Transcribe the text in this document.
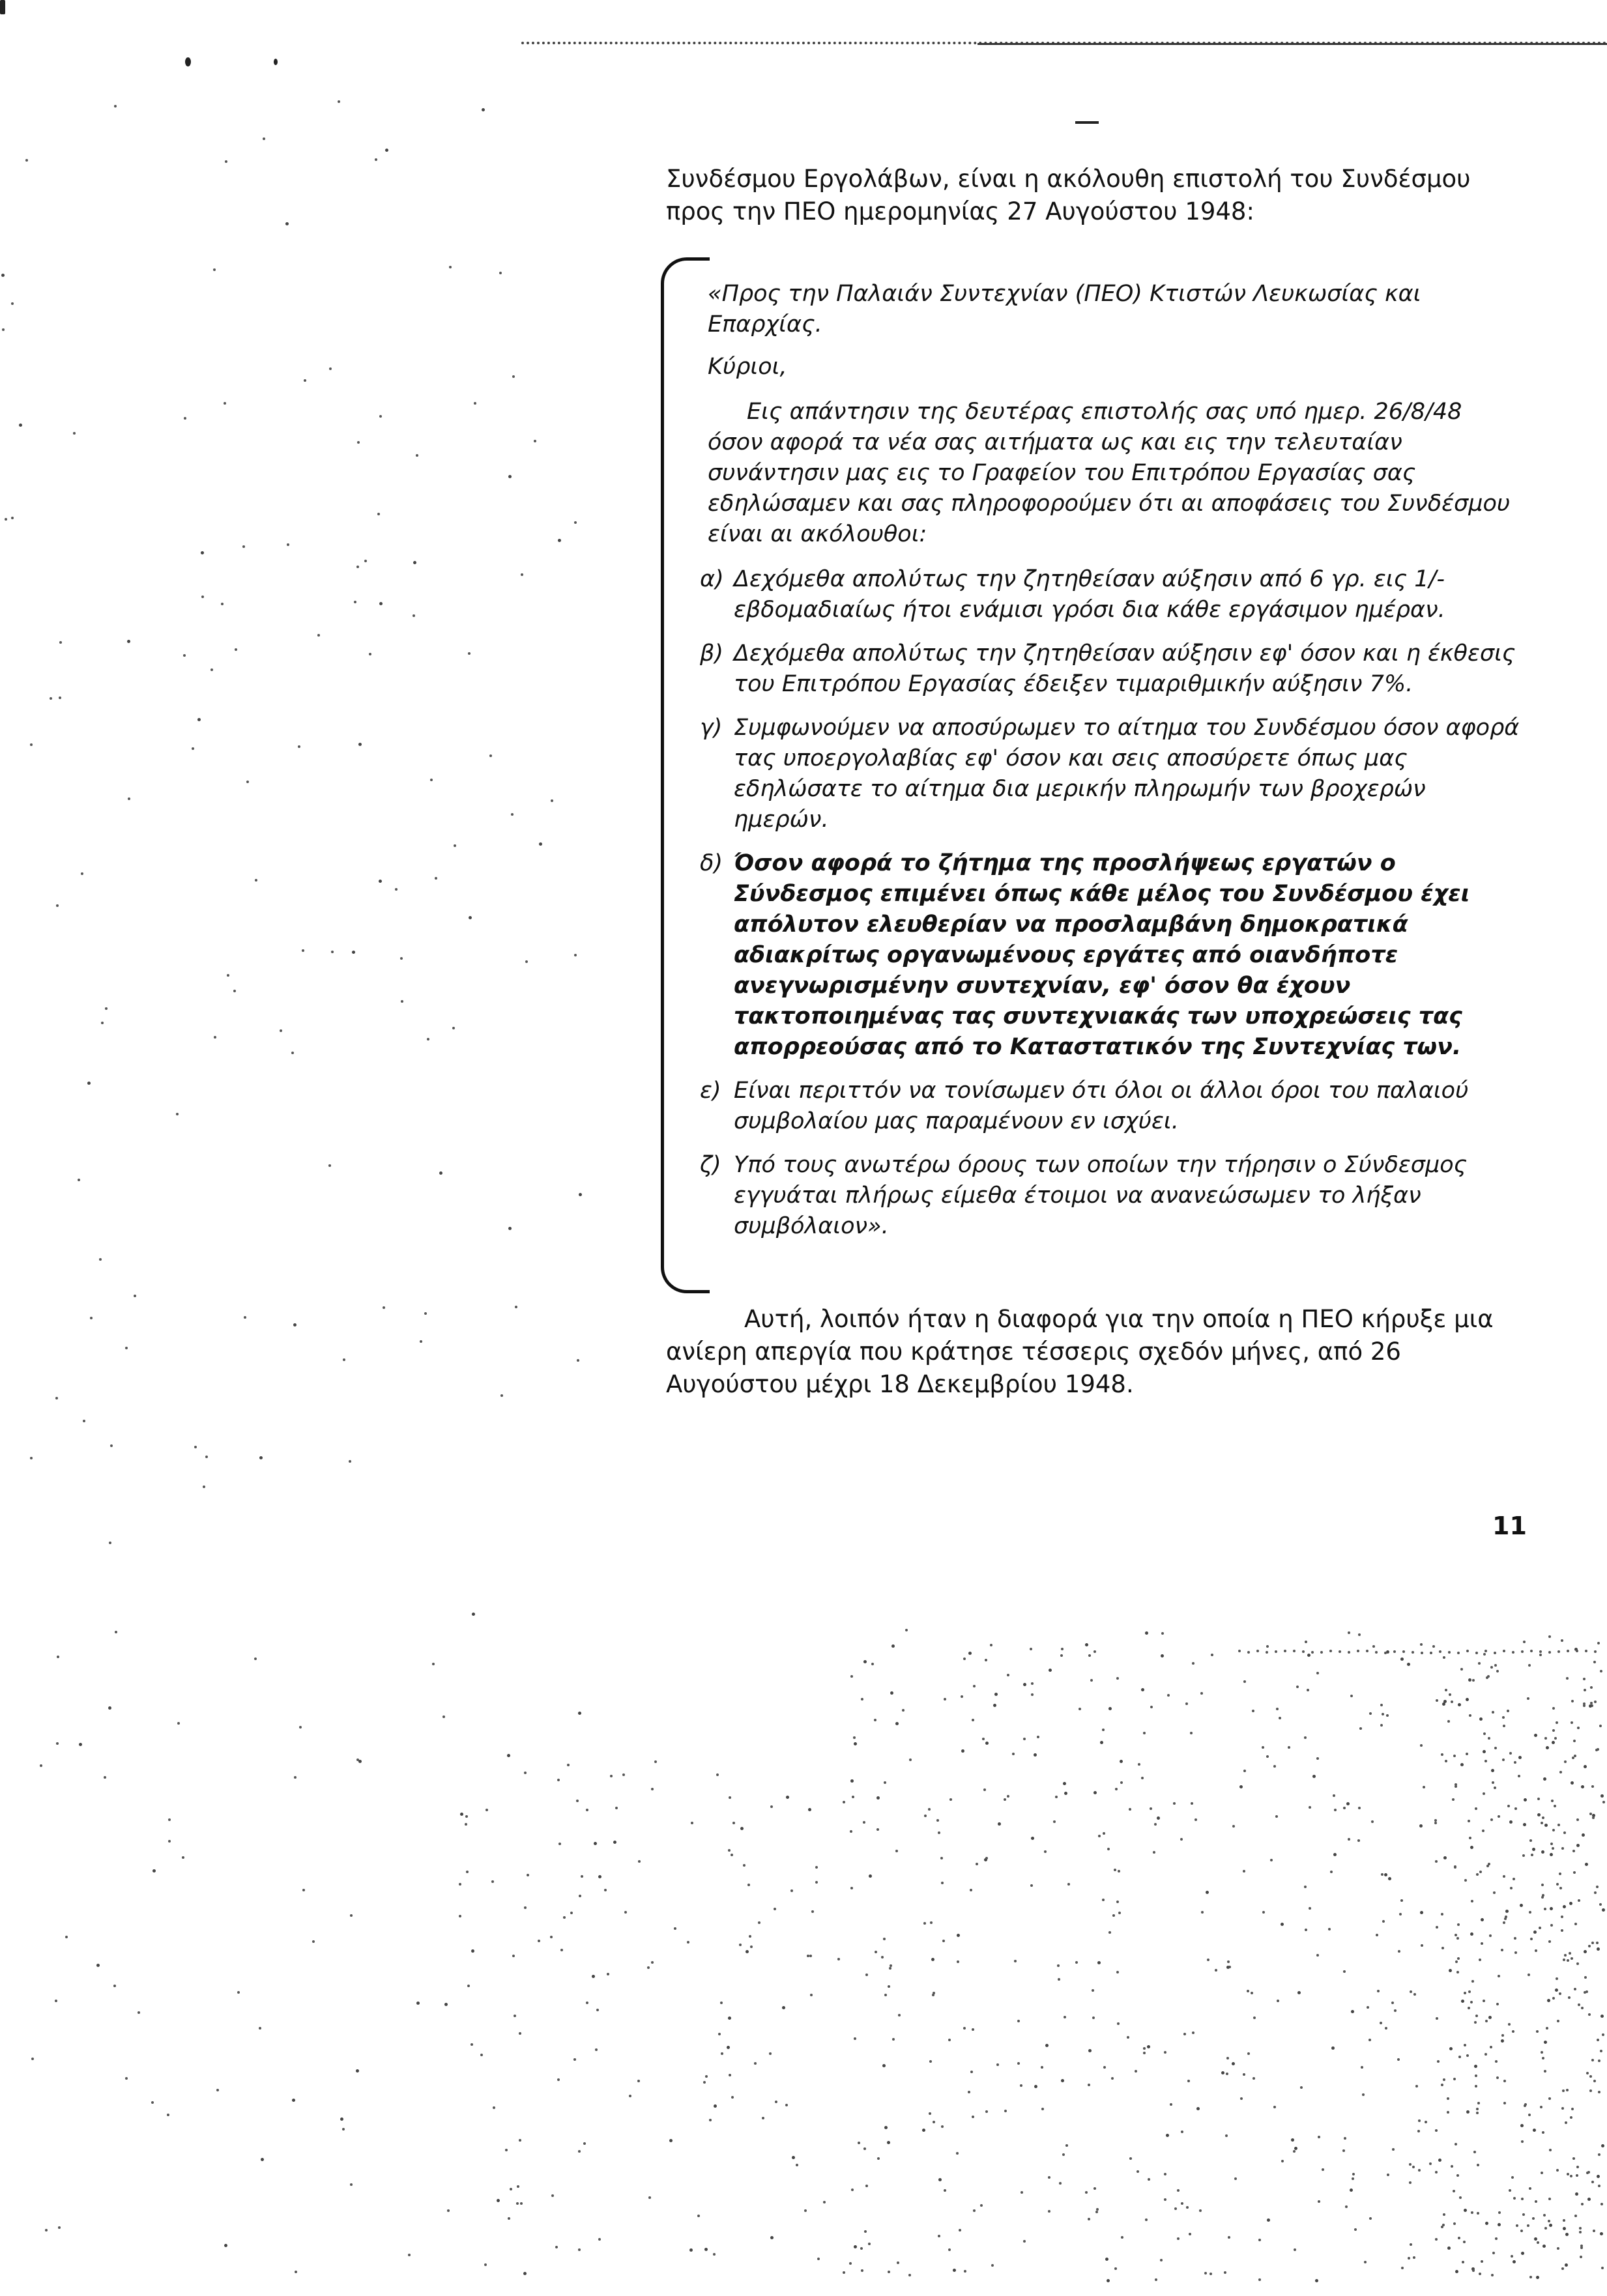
Συνδέσμου Εργολάβων, είναι η ακόλουθη επιστολή του Συνδέσμου προς την ΠΕΟ ημερομηνίας 27 Αυγούστου 1948:

«Προς την Παλαιάν Συντεχνίαν (ΠΕΟ) Κτιστών Λευκωσίας και Επαρχίας.

Κύριοι,

Εις απάντησιν της δευτέρας επιστολής σας υπό ημερ. 26/8/48 όσον αφορά τα νέα σας αιτήματα ως και εις την τελευταίαν συνάντησιν μας εις το Γραφείον του Επιτρόπου Εργασίας σας εδηλώσαμεν και σας πληροφορούμεν ότι αι αποφάσεις του Συνδέσμου είναι αι ακόλουθοι:

α) Δεχόμεθα απολύτως την ζητηθείσαν αύξησιν από 6 γρ. εις 1/- εβδομαδιαίως ήτοι ενάμισι γρόσι δια κάθε εργάσιμον ημέραν.
β) Δεχόμεθα απολύτως την ζητηθείσαν αύξησιν εφ' όσον και η έκθεσις του Επιτρόπου Εργασίας έδειξεν τιμαριθμικήν αύξησιν 7%.
γ) Συμφωνούμεν να αποσύρωμεν το αίτημα του Συνδέσμου όσον αφορά τας υποεργολαβίας εφ' όσον και σεις αποσύρετε όπως μας εδηλώσατε το αίτημα δια μερικήν πληρωμήν των βροχερών ημερών.
δ) Όσον αφορά το ζήτημα της προσλήψεως εργατών ο Σύνδεσμος επιμένει όπως κάθε μέλος του Συνδέσμου έχει απόλυτον ελευθερίαν να προσλαμβάνη δημοκρατικά αδιακρίτως οργανωμένους εργάτες από οιανδήποτε ανεγνωρισμένην συντεχνίαν, εφ' όσον θα έχουν τακτοποιημένας τας συντεχνιακάς των υποχρεώσεις τας απορρεούσας από το Καταστατικόν της Συντεχνίας των.
ε) Είναι περιττόν να τονίσωμεν ότι όλοι οι άλλοι όροι του παλαιού συμβολαίου μας παραμένουν εν ισχύει.
ζ) Υπό τους ανωτέρω όρους των οποίων την τήρησιν ο Σύνδεσμος εγγυάται πλήρως είμεθα έτοιμοι να ανανεώσωμεν το λήξαν συμβόλαιον».

Αυτή, λοιπόν ήταν η διαφορά για την οποία η ΠΕΟ κήρυξε μια ανίερη απεργία που κράτησε τέσσερις σχεδόν μήνες, από 26 Αυγούστου μέχρι 18 Δεκεμβρίου 1948.

11
